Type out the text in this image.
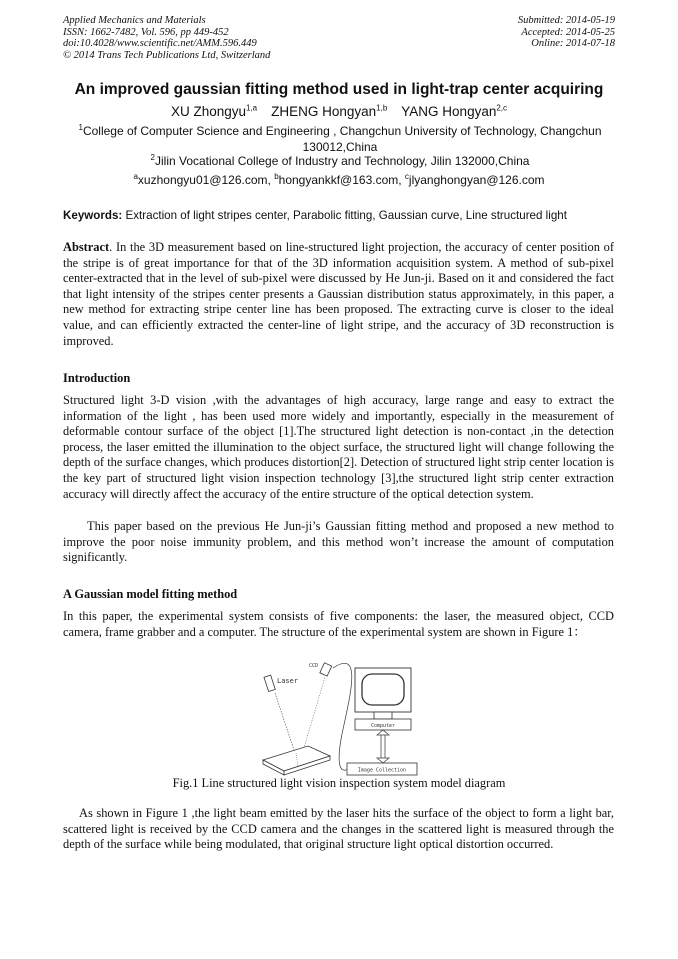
Applied Mechanics and Materials
ISSN: 1662-7482, Vol. 596, pp 449-452
doi:10.4028/www.scientific.net/AMM.596.449
© 2014 Trans Tech Publications Ltd, Switzerland
Submitted: 2014-05-19
Accepted: 2014-05-25
Online: 2014-07-18
An improved gaussian fitting method used in light-trap center acquiring
XU Zhongyu$^{1,a}$ ZHENG Hongyan$^{1,b}$ YANG Hongyan$^{2,c}$
$^1$College of Computer Science and Engineering , Changchun University of Technology, Changchun 130012,China
$^2$Jilin Vocational College of Industry and Technology, Jilin 132000,China
$^a$xuzhongyu01@126.com, $^b$hongyankkf@163.com, $^c$jlyanghongyan@126.com
Keywords: Extraction of light stripes center, Parabolic fitting, Gaussian curve, Line structured light

Abstract. In the 3D measurement based on line-structured light projection, the accuracy of center position of the stripe is of great importance for that of the 3D information acquisition system. A method of sub-pixel center-extracted that in the level of sub-pixel were discussed by He Jun-ji. Based on it and considered the fact that light intensity of the stripes center presents a Gaussian distribution status approximately, in this paper, a new method for extracting stripe center line has been proposed. The extracting curve is closer to the ideal value, and can efficiently extracted the center-line of light stripe, and the accuracy of 3D reconstruction is improved.

Introduction

Structured light 3-D vision ,with the advantages of high accuracy, large range and easy to extract the information of the light , has been used more widely and importantly, especially in the measurement of deformable contour surface of the object [1].The structured light detection is non-contact ,in the detection process, the laser emitted the illumination to the object surface, the structured light will change following the depth of the surface changes, which produces distortion[2]. Detection of structured light strip center location is the key part of structured light vision inspection technology [3],the structured light strip center extraction accuracy will directly affect the accuracy of the entire structure of the optical detection system.

This paper based on the previous He Jun-ji’s Gaussian fitting method and proposed a new method to improve the poor noise immunity problem, and this method won’t increase the amount of computation significantly.

A Gaussian model fitting method

In this paper, the experimental system consists of five components: the laser, the measured object, CCD camera, frame grabber and a computer. The structure of the experimental system are shown in Figure 1：

Laser
CCD
Computer
Image Collection
Fig.1 Line structured light vision inspection system model diagram

As shown in Figure 1 ,the light beam emitted by the laser hits the surface of the object to form a light bar, scattered light is received by the CCD camera and the changes in the scattered light is measured through the depth of the surface while being modulated, that original structure light optical distortion occurred.
